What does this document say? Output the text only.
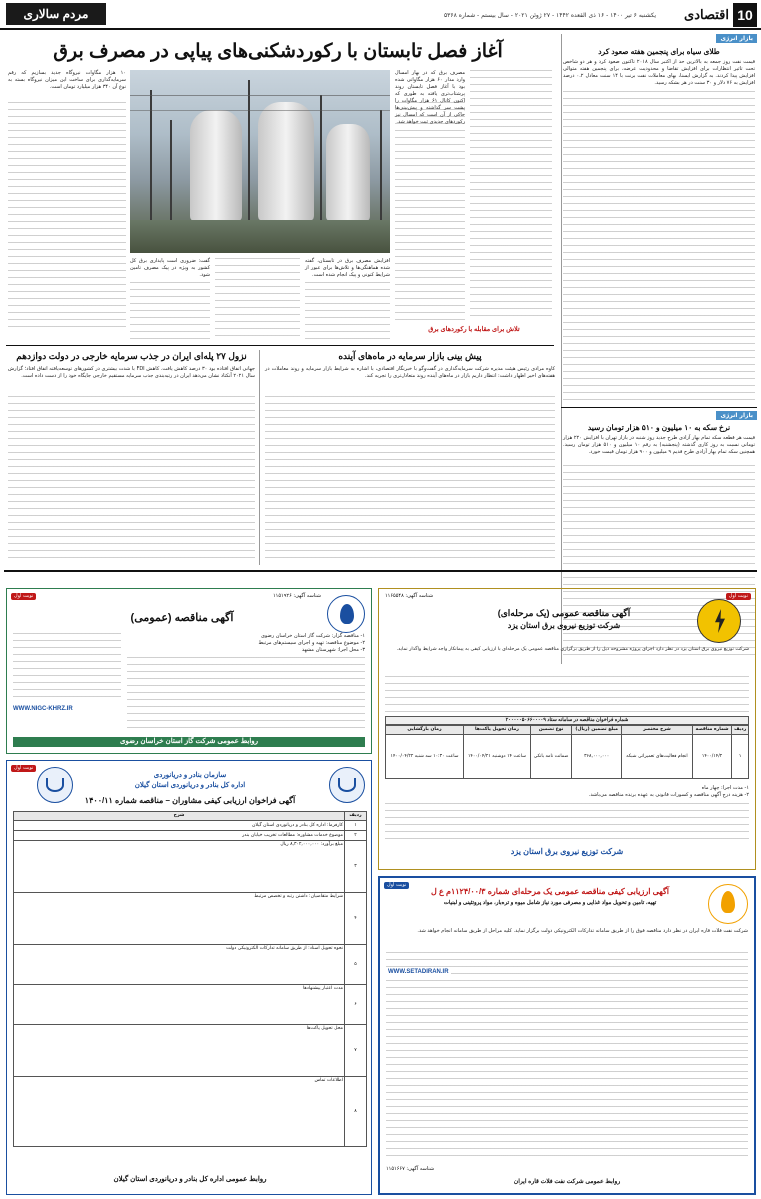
10
اقتصادی
یکشنبه ۶ تیر ۱۴۰۰ - ۱۶ ذی القعده ۱۴۴۲ - ۲۷ ژوئن ۲۰۲۱ - سال بیستم - شماره ۵۳۶۸
مردم سالاری
بازار انرژی
طلای سیاه برای پنجمین هفته صعود کرد
قیمت نفت روز جمعه به بالاترین حد از اکتبر سال ۲۰۱۸ تاکنون صعود کرد و هر دو شاخص تحت تاثیر انتظارات برای افزایش تقاضا و محدودیت عرضه، برای پنجمین هفته متوالی افزایش پیدا کردند. به گزارش ایسنا، بهای معاملات نفت برنت با ۱۴ سنت معادل ۰.۲ درصد افزایش به ۷۶ دلار و ۳۰ سنت در هر بشکه رسید.
بازار انرژی
نرخ سکه به ۱۰ میلیون و ۵۱۰ هزار تومان رسید
قیمت هر قطعه سکه تمام بهار آزادی طرح جدید روز شنبه در بازار تهران با افزایش ۲۲۰ هزار تومانی نسبت به روز کاری گذشته (پنجشنبه) به رقم ۱۰ میلیون و ۵۱۰ هزار تومان رسید. همچنین سکه تمام بهار آزادی طرح قدیم ۹ میلیون و ۹۰۰ هزار تومان قیمت خورد.
آغاز فصل تابستان با رکوردشکنی‌های پیاپی در مصرف برق
مصرف برق که در بهار امسال وارد مدار ۶۰ هزار مگاواتی شده بود با آغاز فصل تابستان روند پرشتاب‌تری یافته به طوری که اکنون کانال ۶۱ هزار مگاوات را پشت سر گذاشته و پیش‌بینی‌ها حاکی از آن است که امسال نیز رکوردهای جدیدی ثبت خواهد شد.
۱۰ هزار مگاوات نیروگاه جدید بسازیم که رقم سرمایه‌گذاری برای ساخت این میزان نیروگاه بسته به نوع آن ۳۴۰ هزار میلیارد تومان است.
افزایش مصرف برق در تابستان، گفته شده هماهنگی‌ها و تلاش‌ها برای عبور از شرایط کنونی و پیک انجام شده است.
گفت: ضروری است پایداری برق کل کشور به ویژه در پیک مصرف تامین شود.
تلاش برای مقابله با رکوردهای برق
پیش بینی بازار سرمایه در ماه‌های آینده
کاوه مرادی رئیس هیئت مدیره شرکت سرمایه‌گذاری در گفت‌وگو با خبرنگار اقتصادی، با اشاره به شرایط بازار سرمایه و روند معاملات در هفته‌های اخیر اظهار داشت: انتظار داریم بازار در ماه‌های آینده روند متعادل‌تری را تجربه کند.
نزول ۲۷ پله‌ای ایران در جذب سرمایه خارجی در دولت دوازدهم
جهانی اتفاق افتاده بود ۳۰ درصد کاهش یافت. کاهش FDI با شدت بیشتری در کشورهای توسعه‌یافته اتفاق افتاد؛ گزارش سال ۲۰۲۱ آنکتاد نشان می‌دهد ایران در رتبه‌بندی جذب سرمایه مستقیم خارجی جایگاه خود را از دست داده است.
نوبت اول
شناسه آگهی: ۱۱۶۵۵۴۸
آگهی مناقصه عمومی (یک مرحله‌ای)
شرکت توزیع نیروی برق استان یزد
شرکت توزیع نیروی برق استان یزد در نظر دارد اجرای پروژه مشروحه ذیل را از طریق برگزاری مناقصه عمومی یک مرحله‌ای با ارزیابی کیفی به پیمانکار واجد شرایط واگذار نماید.
شماره فراخوان مناقصه در سامانه ستاد ۲۰۰۰۰۰۵۰۶۶۰۰۰۰۹
ردیف	شماره مناقصه	شرح مختصر	مبلغ تضمین (ریال)	نوع تضمین	زمان تحویل پاکت‌ها	زمان بازگشایی
۱	۱۴۰۰/۱۴/۲	انجام فعالیت‌های تعمیراتی شبکه	۳۶۸,۰۰۰,۰۰۰	ضمانت نامه بانکی	ساعت ۱۴ دوشنبه ۱۴۰۰/۰۴/۲۱	ساعت ۱۰:۳۰ سه شنبه ۱۴۰۰/۰۴/۲۲
۱- مدت اجرا: چهار ماه
۲- هزینه درج آگهی مناقصه و کسورات قانونی به عهده برنده مناقصه می‌باشد.
شرکت توزیع نیروی برق استان یزد
نوبت اول	شناسه آگهی: ۱۱۵۱۹۲۶
آگهی مناقصه (عمومی)
۱- مناقصه گزار: شرکت گاز استان خراسان رضوی
۲- موضوع مناقصه: تهیه و اجرای سیستم‌های مرتبط
۳- محل اجرا: شهرستان مشهد
WWW.NIGC-KHRZ.IR
روابط عمومی شرکت گاز استان خراسان رضوی
نوبت اول
سازمان بنادر و دریانوردی
اداره کل بنادر و دریانوردی استان گیلان
آگهی فراخوان ارزیابی کیفی مشاوران – مناقصه شماره ۱۴۰۰/۱۱
ردیف	شرح
۱	کارفرما: اداره کل بنادر و دریانوردی استان گیلان
۲	موضوع خدمات مشاوره: مطالعات تخریب خیابان بندر
۳	مبلغ برآورد: ۸,۳۰۲,۰۰۰,۰۰۰ ریال
۴	شرایط متقاضیان: داشتن رتبه و تخصص مرتبط
۵	نحوه تحویل اسناد: از طریق سامانه تدارکات الکترونیکی دولت
۶	مدت اعتبار پیشنهادها
۷	محل تحویل پاکت‌ها
۸	اطلاعات تماس
روابط عمومی اداره کل بنادر و دریانوردی استان گیلان
نوبت اول
آگهی ارزیابی کیفی مناقصه عمومی یک مرحله‌ای شماره ۱۱۲۴/۰۰/۳م ع ل
تهیه، تامین و تحویل مواد غذایی و مصرفی مورد نیاز شامل میوه و تره‌بار، مواد پروتئینی و لبنیات
شرکت نفت فلات قاره ایران در نظر دارد مناقصه فوق را از طریق سامانه تدارکات الکترونیکی دولت برگزار نماید. کلیه مراحل از طریق سامانه انجام خواهد شد.
WWW.SETADIRAN.IR
شناسه آگهی: ۱۱۵۱۶۶۷
روابط عمومی شرکت نفت فلات قاره ایران
